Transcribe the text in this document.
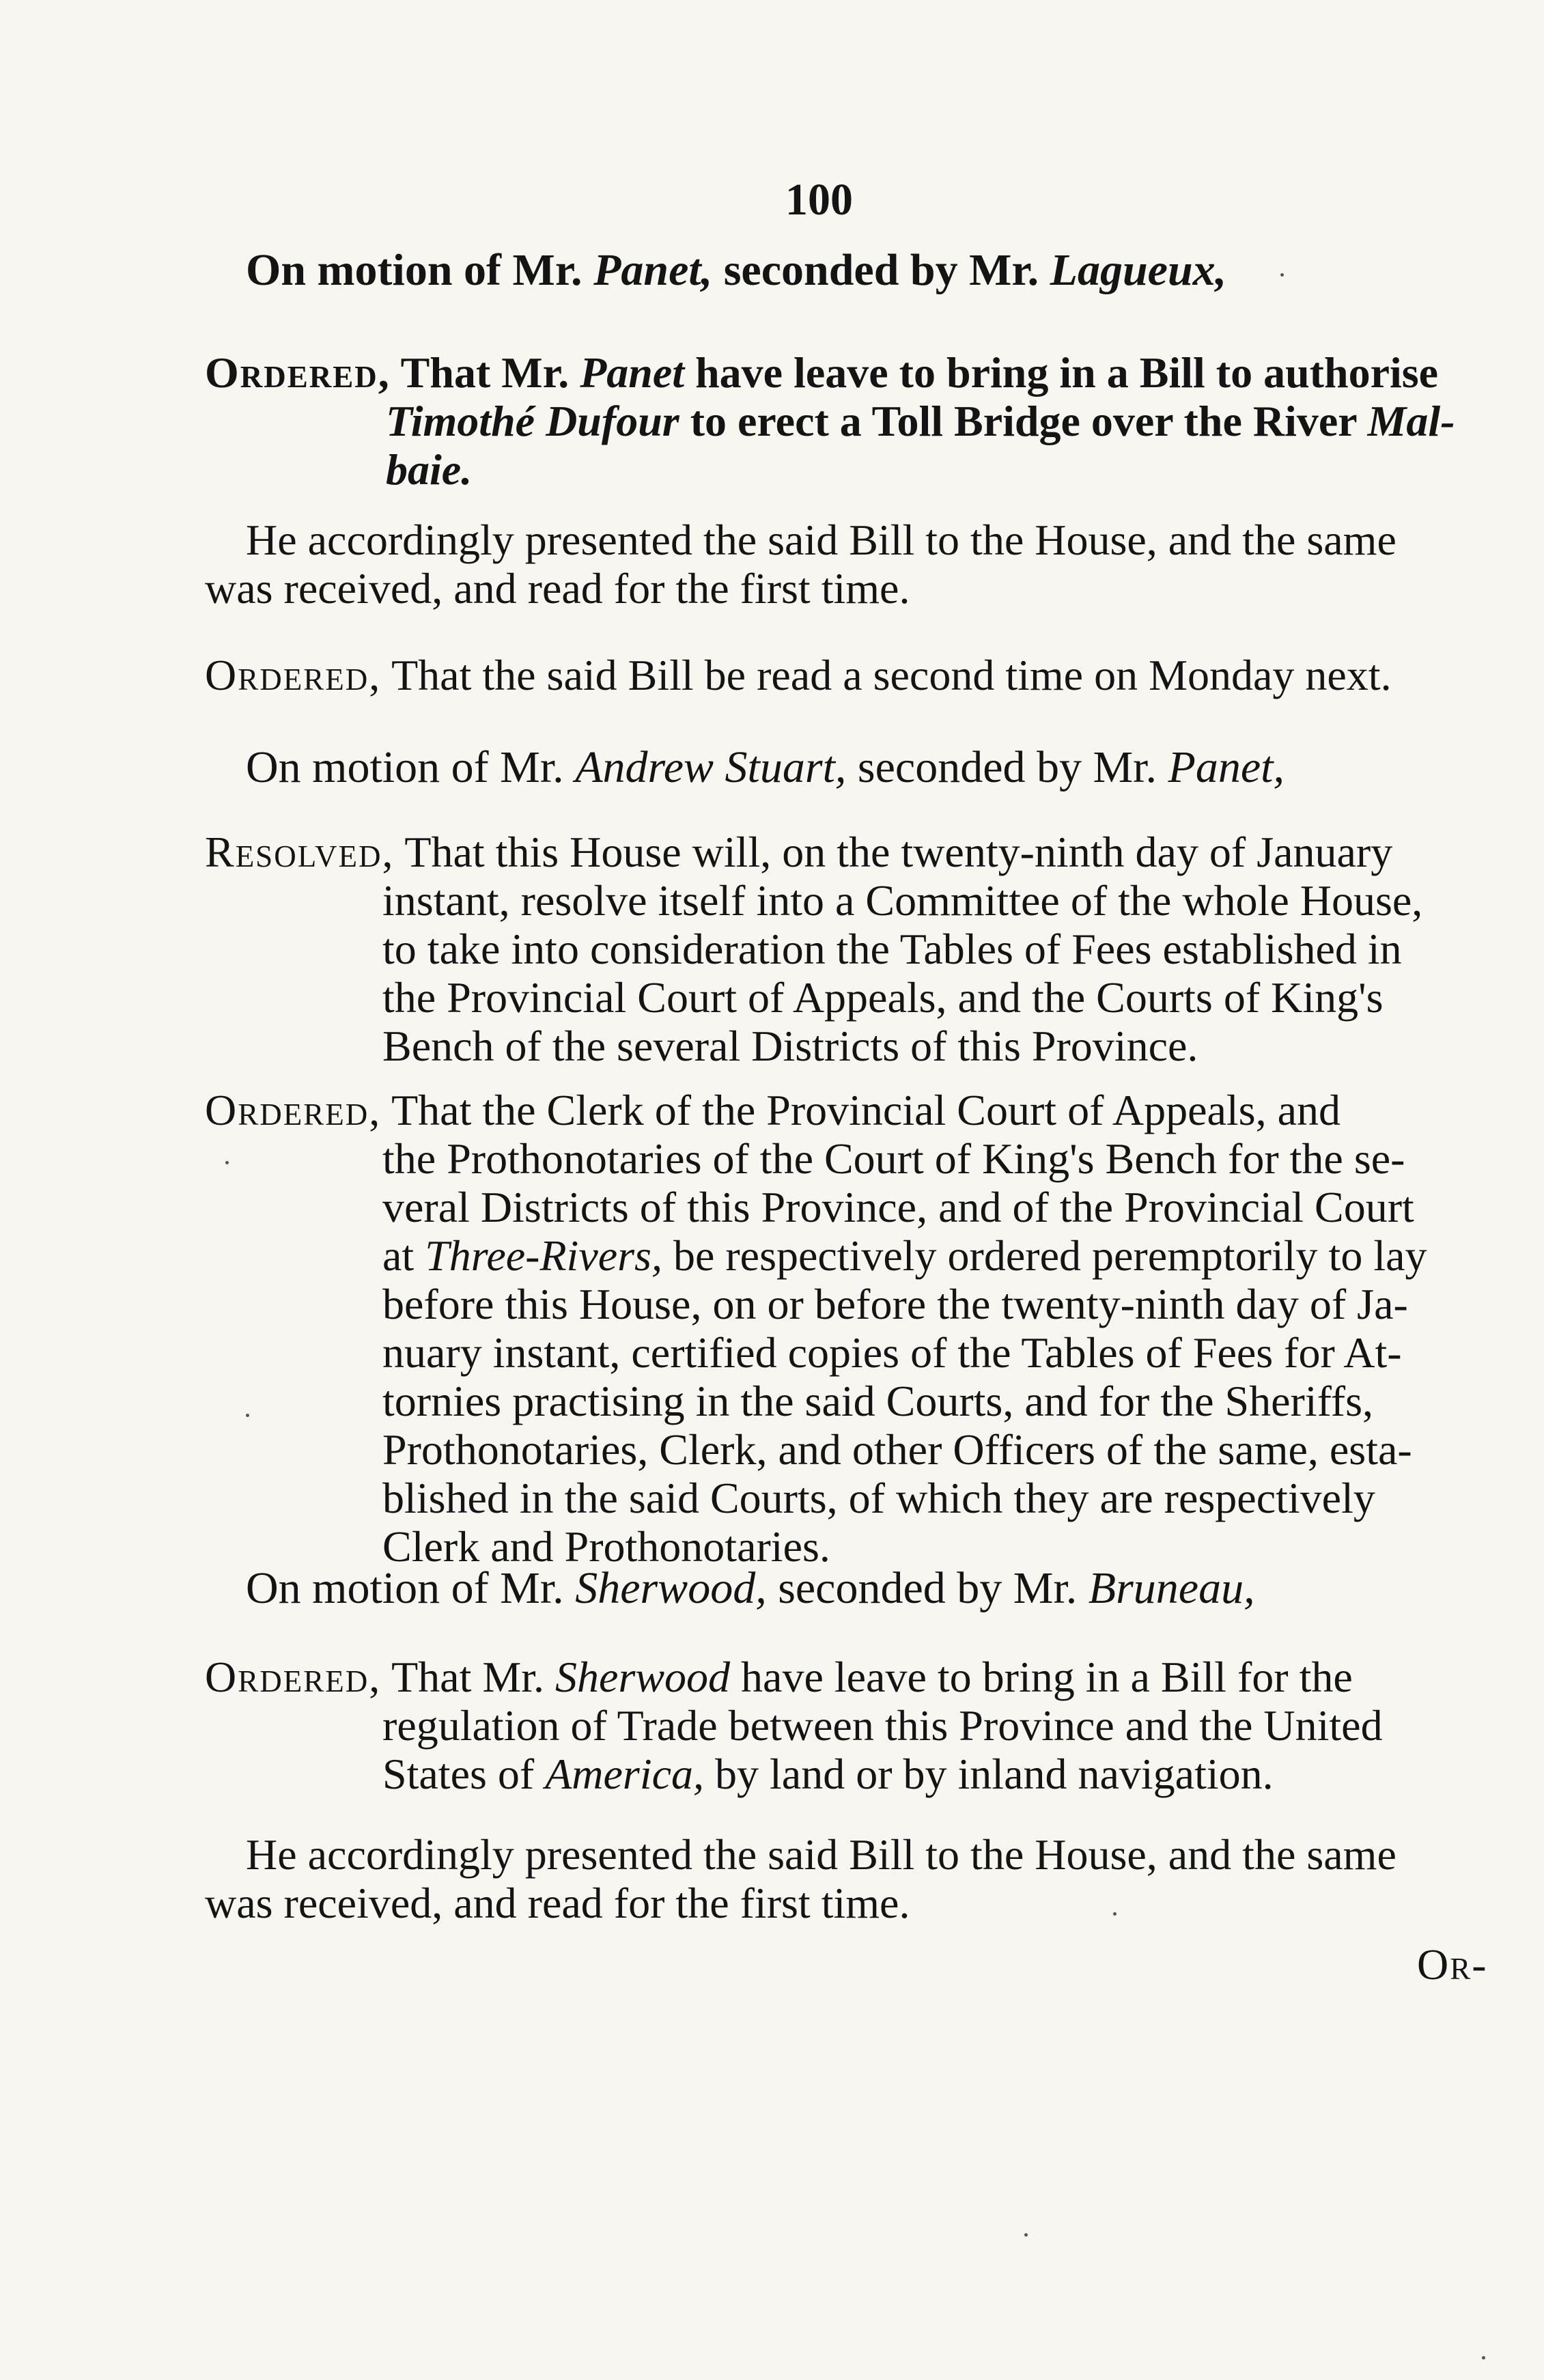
100
On motion of Mr. Panet, seconded by Mr. Lagueux,
Ordered, That Mr. Panet have leave to bring in a Bill to authorise
Timothé Dufour to erect a Toll Bridge over the River Mal-
baie.
He accordingly presented the said Bill to the House, and the same
was received, and read for the first time.
Ordered, That the said Bill be read a second time on Monday next.
On motion of Mr. Andrew Stuart, seconded by Mr. Panet,
Resolved, That this House will, on the twenty-ninth day of January
instant, resolve itself into a Committee of the whole House,
to take into consideration the Tables of Fees established in
the Provincial Court of Appeals, and the Courts of King's
Bench of the several Districts of this Province.
Ordered, That the Clerk of the Provincial Court of Appeals, and
the Prothonotaries of the Court of King's Bench for the se-
veral Districts of this Province, and of the Provincial Court
at Three-Rivers, be respectively ordered peremptorily to lay
before this House, on or before the twenty-ninth day of Ja-
nuary instant, certified copies of the Tables of Fees for At-
tornies practising in the said Courts, and for the Sheriffs,
Prothonotaries, Clerk, and other Officers of the same, esta-
blished in the said Courts, of which they are respectively
Clerk and Prothonotaries.
On motion of Mr. Sherwood, seconded by Mr. Bruneau,
Ordered, That Mr. Sherwood have leave to bring in a Bill for the
regulation of Trade between this Province and the United
States of America, by land or by inland navigation.
He accordingly presented the said Bill to the House, and the same
was received, and read for the first time.
Or-
